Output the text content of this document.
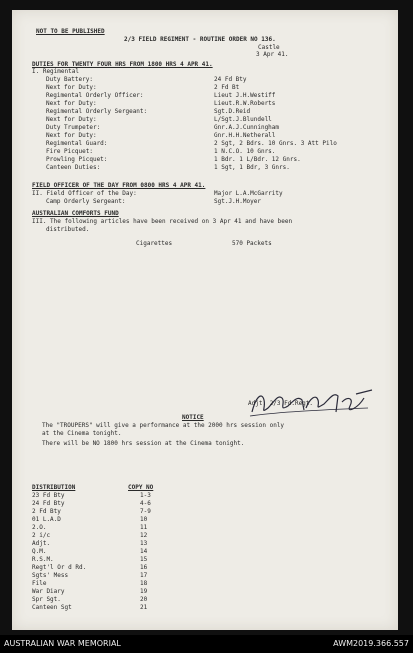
NOT TO BE PUBLISHED
2/3 FIELD REGIMENT - ROUTINE ORDER NO 136.
Castle
3 Apr 41.
DUTIES FOR TWENTY FOUR HRS FROM 1800 HRS 4 APR 41.
I. Regimental
Duty Battery:	24 Fd Bty
Next for Duty:	2 Fd Bt
Regimental Orderly Officer:	Lieut J.H.Westiff
Next for Duty:	Lieut.R.W.Roberts
Regimental Orderly Sergeant:	Sgt.D.Reid
Next for Duty:	L/Sgt.J.Blundell
Duty Trumpeter:	Gnr.A.J.Cunningham
Next for Duty:	Gnr.H.H.Netherall
Regimental Guard:	2 Sgt, 2 Bdrs. 10 Gnrs. 3 Att Pilo
Fire Picquet:	1 N.C.O. 10 Gnrs.
Prowling Picquet:	1 Bdr. 1 L/Bdr. 12 Gnrs.
Canteen Duties:	1 Sgt, 1 Bdr, 3 Gnrs.
FIELD OFFICER OF THE DAY FROM 0800 HRS 4 APR 41.
II. Field Officer of the Day:	Major L.A.McGarrity
Camp Orderly Sergeant:	Sgt.J.H.Moyer
AUSTRALIAN COMFORTS FUND
III. The following articles have been received on 3 Apr 41 and have been
distributed.
Cigarettes	570 Packets
Adjt. 2/3 Fd.Regt.
NOTICE
The "TROUPERS" will give a performance at the 2000 hrs session only
at the Cinema tonight.
There will be NO 1800 hrs session at the Cinema tonight.
DISTRIBUTION	COPY NO
23 Fd Bty	1-3
24 Fd Bty	4-6
2 Fd Bty	7-9
01 L.A.D	10
2.O.	11
2 i/c	12
Adjt.	13
Q.M.	14
R.S.M.	15
Regt'l Or d Rd.	16
Sgts' Mess	17
File	18
War Diary	19
Spr Sgt.	20
Canteen Sgt	21
AUSTRALIAN WAR MEMORIAL	AWM2019.366.557
